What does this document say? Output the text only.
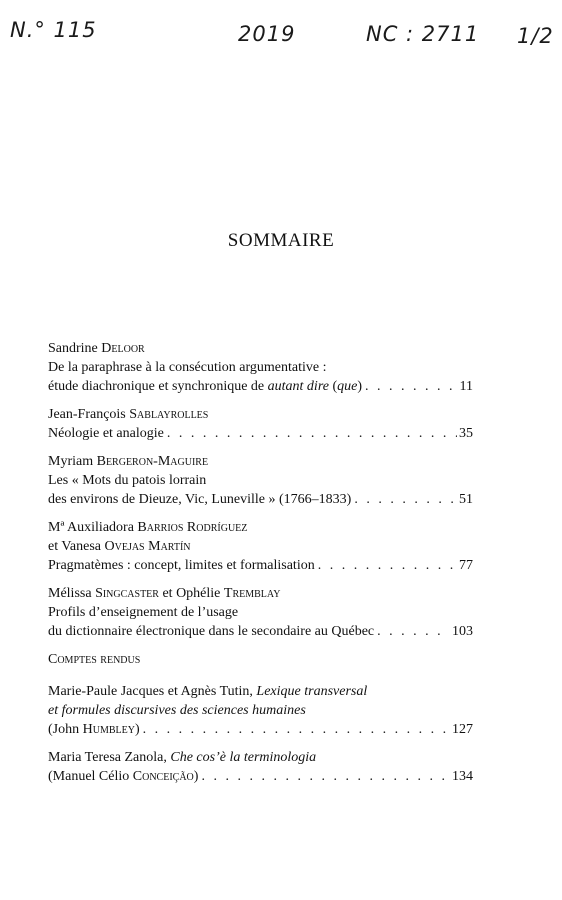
N.° 115	2019	NC : 2711 1/2
SOMMAIRE
Sandrine Deloor
De la paraphrase à la consécution argumentative :
étude diachronique et synchronique de autant dire (que) . . .	11
Jean-François Sablayrolles
Néologie et analogie . . .	35
Myriam Bergeron-Maguire
Les « Mots du patois lorrain
des environs de Dieuze, Vic, Luneville » (1766–1833) . . .	51
Mª Auxiliadora Barrios Rodríguez
et Vanesa Ovejas Martín
Pragmatèmes : concept, limites et formalisation . . .	77
Mélissa Singcaster et Ophélie Tremblay
Profils d’enseignement de l’usage
du dictionnaire électronique dans le secondaire au Québec . . .	103
Comptes rendus
Marie-Paule Jacques et Agnès Tutin, Lexique transversal
et formules discursives des sciences humaines
(John Humbley) . . .	127
Maria Teresa Zanola, Che cos’è la terminologia
(Manuel Célio Conceição) . . .	134
